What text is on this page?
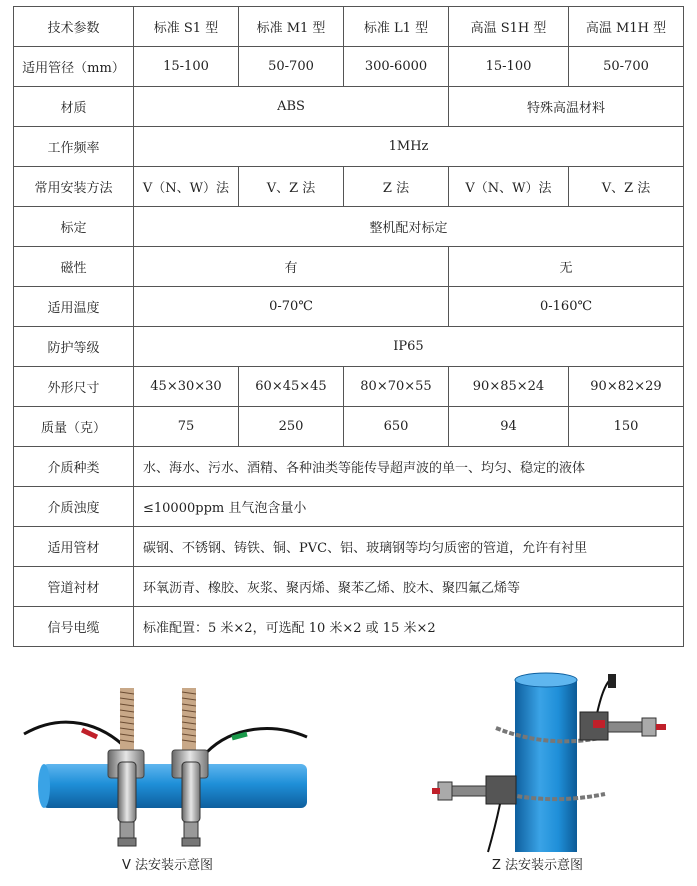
技术参数	标准 S1 型	标准 M1 型	标准 L1 型	高温 S1H 型	高温 M1H 型
适用管径（mm）	15-100	50-700	300-6000	15-100	50-700
材质	ABS			特殊高温材料	
工作频率	1MHz				
常用安装方法	V（N、W）法	V、Z 法	Z 法	V（N、W）法	V、Z 法
标定	整机配对标定				
磁性	有			无	
适用温度	0-70℃			0-160℃	
防护等级	IP65				
外形尺寸	45×30×30	60×45×45	80×70×55	90×85×24	90×82×29
质量（克）	75	250	650	94	150
介质种类	水、海水、污水、酒精、各种油类等能传导超声波的单一、均匀、稳定的液体				
介质浊度	≤10000ppm 且气泡含量小				
适用管材	碳钢、不锈钢、铸铁、铜、PVC、铝、玻璃钢等均匀质密的管道，允许有衬里				
管道衬材	环氧沥青、橡胶、灰浆、聚丙烯、聚苯乙烯、胶木、聚四氟乙烯等				
信号电缆	标准配置：5 米×2，可选配 10 米×2 或 15 米×2				
V 法安装示意图	Z 法安装示意图
